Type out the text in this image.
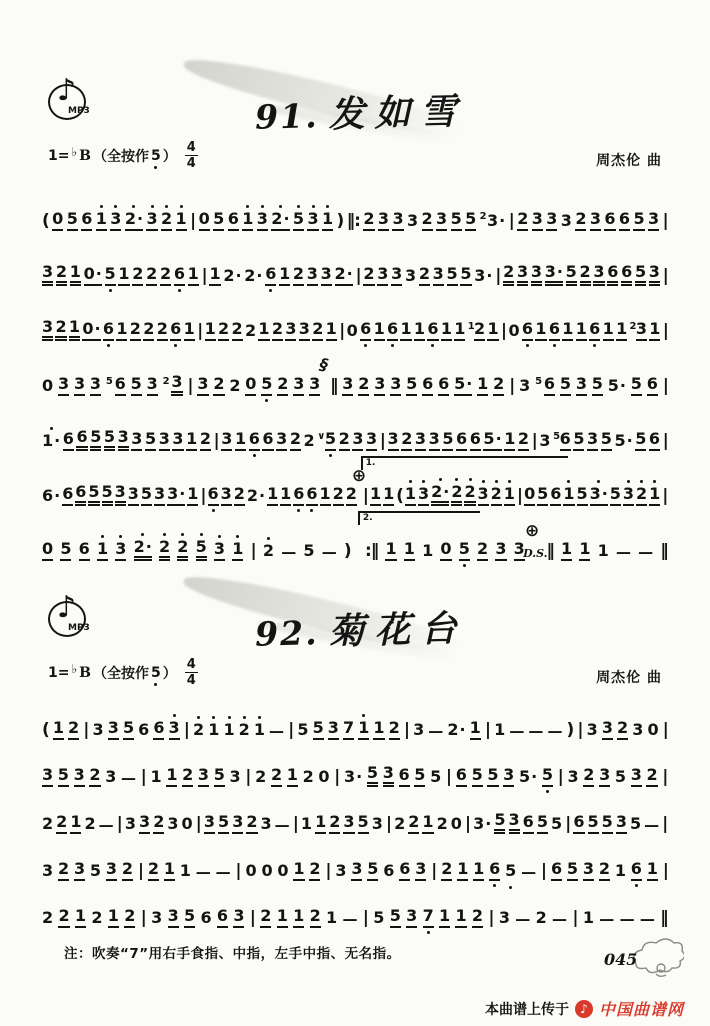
♪
MP3	91. 发如雪
1= ♭ B （全按作 5 ） $\frac{4}{4}$	周杰伦 曲
( 0 5 6 1 3 2· 3 2 1 | 0 5 6 1 3 2· 5 3 1 ) ‖: 2 3 3 3 2 3 5 5 2 3· | 2 3 3 3 2 3 6 6 5 3 |
3 2 1 0· 5 1 2 2 2 6 1 | 1 2· 2· 6 1 2 3 3 2· | 2 3 3 3 2 3 5 5 3· | 2 3 3 3· 5 2 3 6 6 5 3 |
3 2 1 0· 6 1 2 2 2 6 1 | 1 2 2 2 1 2 3 3 2 1 | 0 6 1 6 1 1 6 1 1 1 2 1 | 0 6 1 6 1 1 6 1 1 2 3 1 |
0 3 3 3 5 6 5 3 2 3 | 3 2 2 0 5 2 3 3
§
‖ 3 2 3 3 5 6 6 5· 1 2 | 3 5 6 5 3 5 5· 5 6 |
1· 6 6 5 5 3 3 5 3 3 1 2 | 3 1 6 6 3 2 2 ∨ 5 2 3 3 | 3 2 3 3 5 6 6 5· 1 2 | 3 5 6 5 3 5 5· 5 6 |
6· 6 6 5 5 3 3 5 3 3· 1 | 6 3 2 2· 1 1 6 6 1 2 2
⊕
1.
| 1 1 ( 1 3 2· 2 2 3 2 1 | 0 5 6 1 5 3· 5 3 2 1 |
0 5 6 1 3 2· 2 2 5 3 1 | 2 — 5 — )
2.
:‖ 1 1 1 0 5 2 3 3
⊕
D.S.
‖ 1 1 1 — — ‖
♪
MP3	92. 菊花台
1= ♭ B （全按作 5 ） $\frac{4}{4}$	周杰伦 曲
( 1 2 | 3 3 5 6 6 3 | 2 1 1 2 1 — | 5 5 3 7 1 1 2 | 3 — 2· 1 | 1 — — — ) | 3 3 2 3 0 |
3 5 3 2 3 — | 1 1 2 3 5 3 | 2 2 1 2 0 | 3· 5 3 6 5 5 | 6 5 5 3 5· 5 | 3 2 3 5 3 2 |
2 2 1 2 — | 3 3 2 3 0 | 3 5 3 2 3 — | 1 1 2 3 5 3 | 2 2 1 2 0 | 3· 5 3 6 5 5 | 6 5 5 3 5 — |
3 2 3 5 3 2 | 2 1 1 — — | 0 0 0 1 2 | 3 3 5 6 6 3 | 2 1 1 6 5 — | 6 5 3 2 1 6 1 |
2 2 1 2 1 2 | 3 3 5 6 6 3 | 2 1 1 2 1 — | 5 5 3 7 1 1 2 | 3 — 2 — | 1 — — — ‖
注：吹奏“7”用右手食指、中指，左手中指、无名指。	045
本曲谱上传于 ♪ 中国曲谱网
